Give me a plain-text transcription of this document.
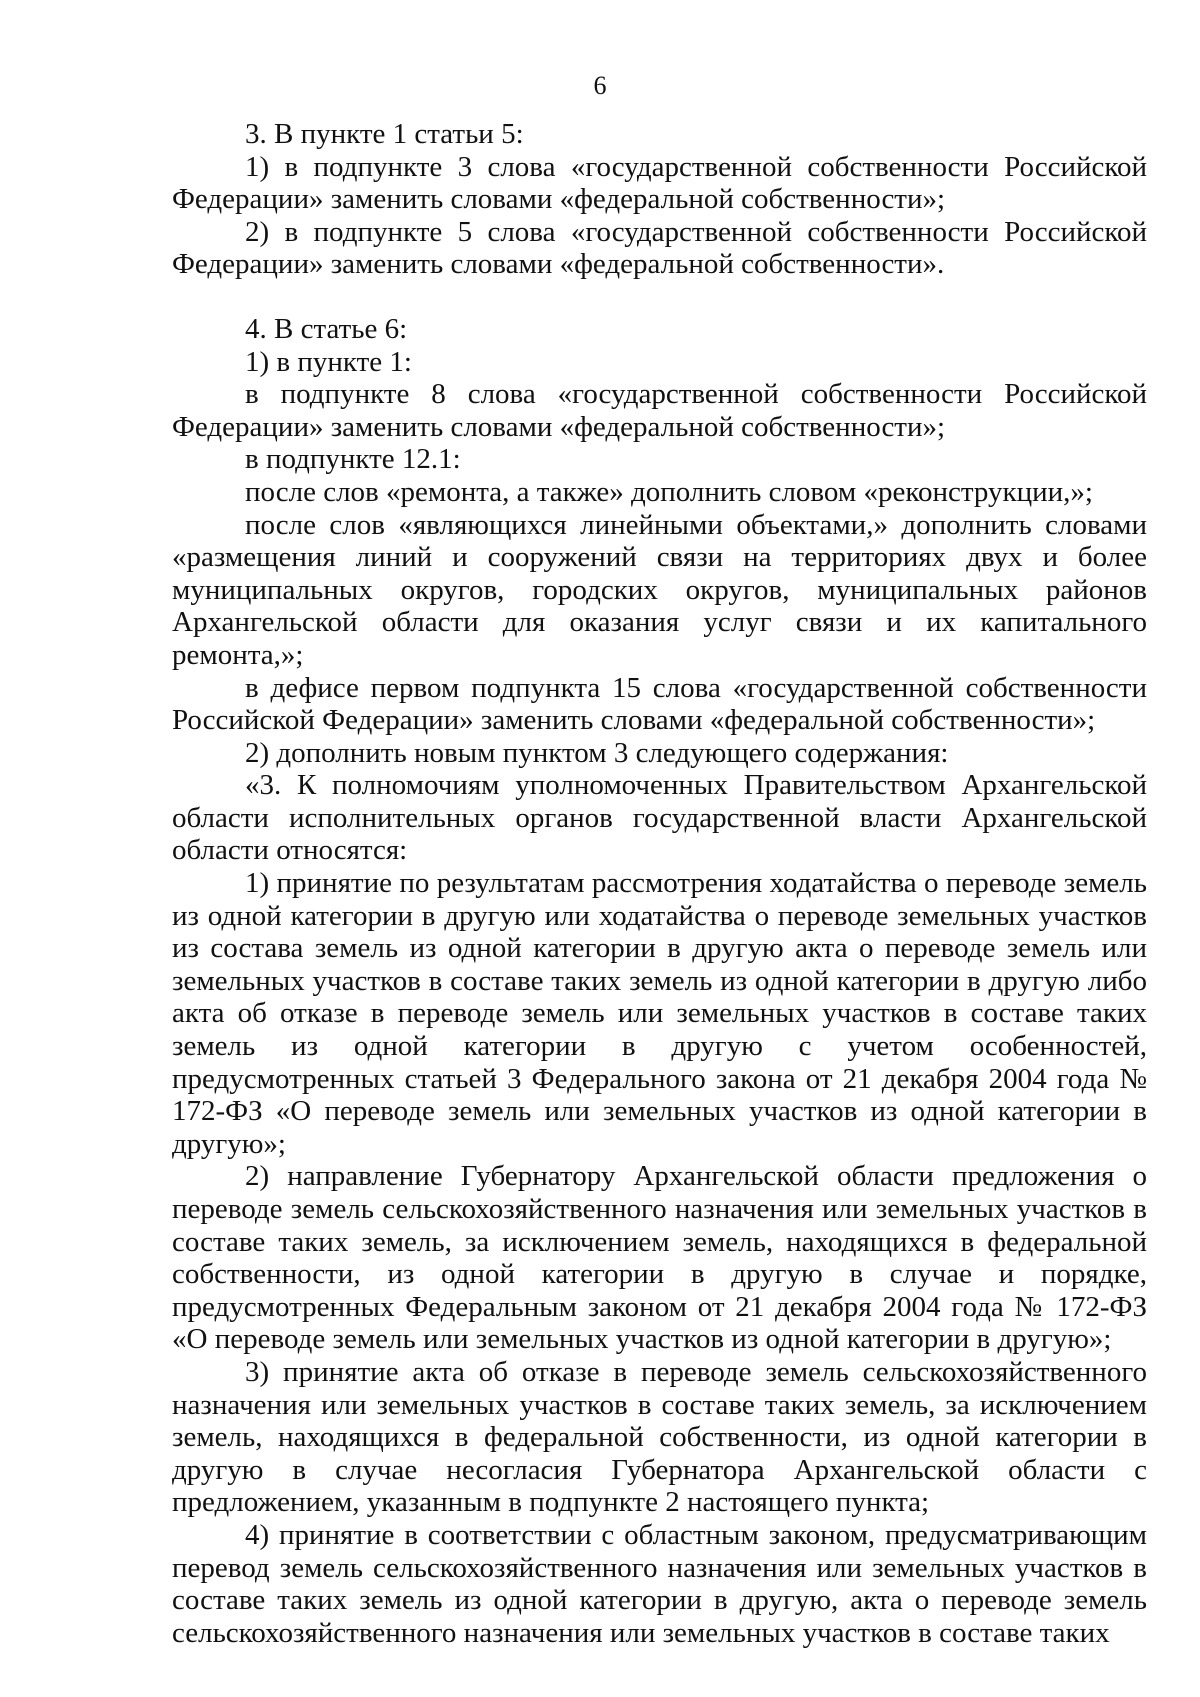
6

3. В пункте 1 статьи 5:

1) в подпункте 3 слова «государственной собственности Российской Федерации» заменить словами «федеральной собственности»;

2) в подпункте 5 слова «государственной собственности Российской Федерации» заменить словами «федеральной собственности».

4. В статье 6:

1) в пункте 1:

в подпункте 8 слова «государственной собственности Российской Федерации» заменить словами «федеральной собственности»;

в подпункте 12.1:

после слов «ремонта, а также» дополнить словом «реконструкции,»;

после слов «являющихся линейными объектами,» дополнить словами «размещения линий и сооружений связи на территориях двух и более муниципальных округов, городских округов, муниципальных районов Архангельской области для оказания услуг связи и их капитального ремонта,»;

в дефисе первом подпункта 15 слова «государственной собственности Российской Федерации» заменить словами «федеральной собственности»;

2) дополнить новым пунктом 3 следующего содержания:

«3. К полномочиям уполномоченных Правительством Архангельской области исполнительных органов государственной власти Архангельской области относятся:

1) принятие по результатам рассмотрения ходатайства о переводе земель из одной категории в другую или ходатайства о переводе земельных участков из состава земель из одной категории в другую акта о переводе земель или земельных участков в составе таких земель из одной категории в другую либо акта об отказе в переводе земель или земельных участков в составе таких земель из одной категории в другую с учетом особенностей, предусмотренных статьей 3 Федерального закона от 21 декабря 2004 года № 172-ФЗ «О переводе земель или земельных участков из одной категории в другую»;

2) направление Губернатору Архангельской области предложения о переводе земель сельскохозяйственного назначения или земельных участков в составе таких земель, за исключением земель, находящихся в федеральной собственности, из одной категории в другую в случае и порядке, предусмотренных Федеральным законом от 21 декабря 2004 года № 172-ФЗ «О переводе земель или земельных участков из одной категории в другую»;

3) принятие акта об отказе в переводе земель сельскохозяйственного назначения или земельных участков в составе таких земель, за исключением земель, находящихся в федеральной собственности, из одной категории в другую в случае несогласия Губернатора Архангельской области с предложением, указанным в подпункте 2 настоящего пункта;

4) принятие в соответствии с областным законом, предусматривающим перевод земель сельскохозяйственного назначения или земельных участков в составе таких земель из одной категории в другую, акта о переводе земель сельскохозяйственного назначения или земельных участков в составе таких
